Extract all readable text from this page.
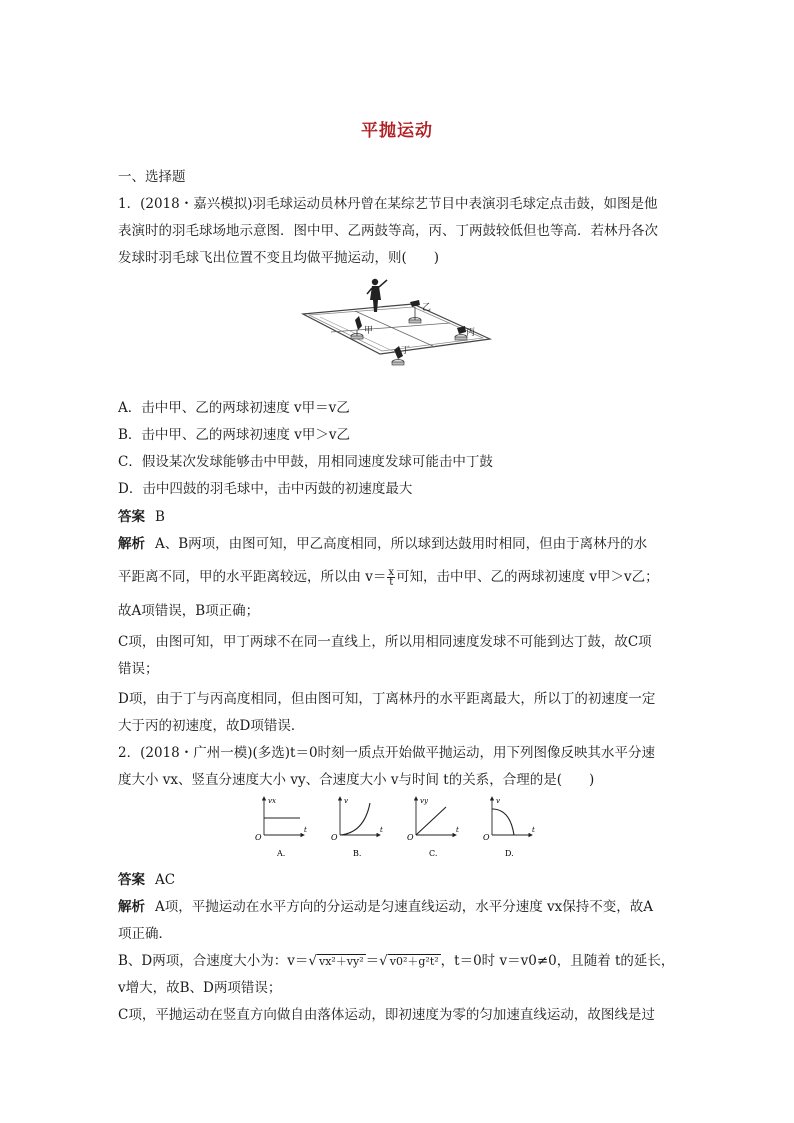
平抛运动
一、选择题
1．(2018・嘉兴模拟)羽毛球运动员林丹曾在某综艺节目中表演羽毛球定点击鼓，如图是他
表演时的羽毛球场地示意图．图中甲、乙两鼓等高，丙、丁两鼓较低但也等高．若林丹各次
发球时羽毛球飞出位置不变且均做平抛运动，则(　　)
甲
乙
丙
丁
A．击中甲、乙的两球初速度 v甲＝v乙
B．击中甲、乙的两球初速度 v甲＞v乙
C．假设某次发球能够击中甲鼓，用相同速度发球可能击中丁鼓
D．击中四鼓的羽毛球中，击中丙鼓的初速度最大
答案 B
解析 A、B两项，由图可知，甲乙高度相同，所以球到达鼓用时相同，但由于离林丹的水
平距离不同，甲的水平距离较远，所以由 $v= \frac{x}{t}$ 可知，击中甲、乙的两球初速度 v甲＞v乙；
故A项错误，B项正确；
C项，由图可知，甲丁两球不在同一直线上，所以用相同速度发球不可能到达丁鼓，故C项
错误；
D项，由于丁与丙高度相同，但由图可知，丁离林丹的水平距离最大，所以丁的初速度一定
大于丙的初速度，故D项错误．
2．(2018・广州一模)(多选)t＝0时刻一质点开始做平抛运动，用下列图像反映其水平分速
度大小 vx、竖直分速度大小 vy、合速度大小 v与时间 t的关系，合理的是(　　)
O
vx
t
A.
O
v
t
B.
O
vy
t
C.
O
v
t
D.
答案 AC
解析 A项，平抛运动在水平方向的分运动是匀速直线运动，水平分速度 vx保持不变，故A
项正确．
B、D两项，合速度大小为：v＝√ vx²＋vy² ＝√ v0²＋g²t² ，t＝0时 v＝v0≠0，且随着 t的延长，
v增大，故B、D两项错误；
C项，平抛运动在竖直方向做自由落体运动，即初速度为零的匀加速直线运动，故图线是过
